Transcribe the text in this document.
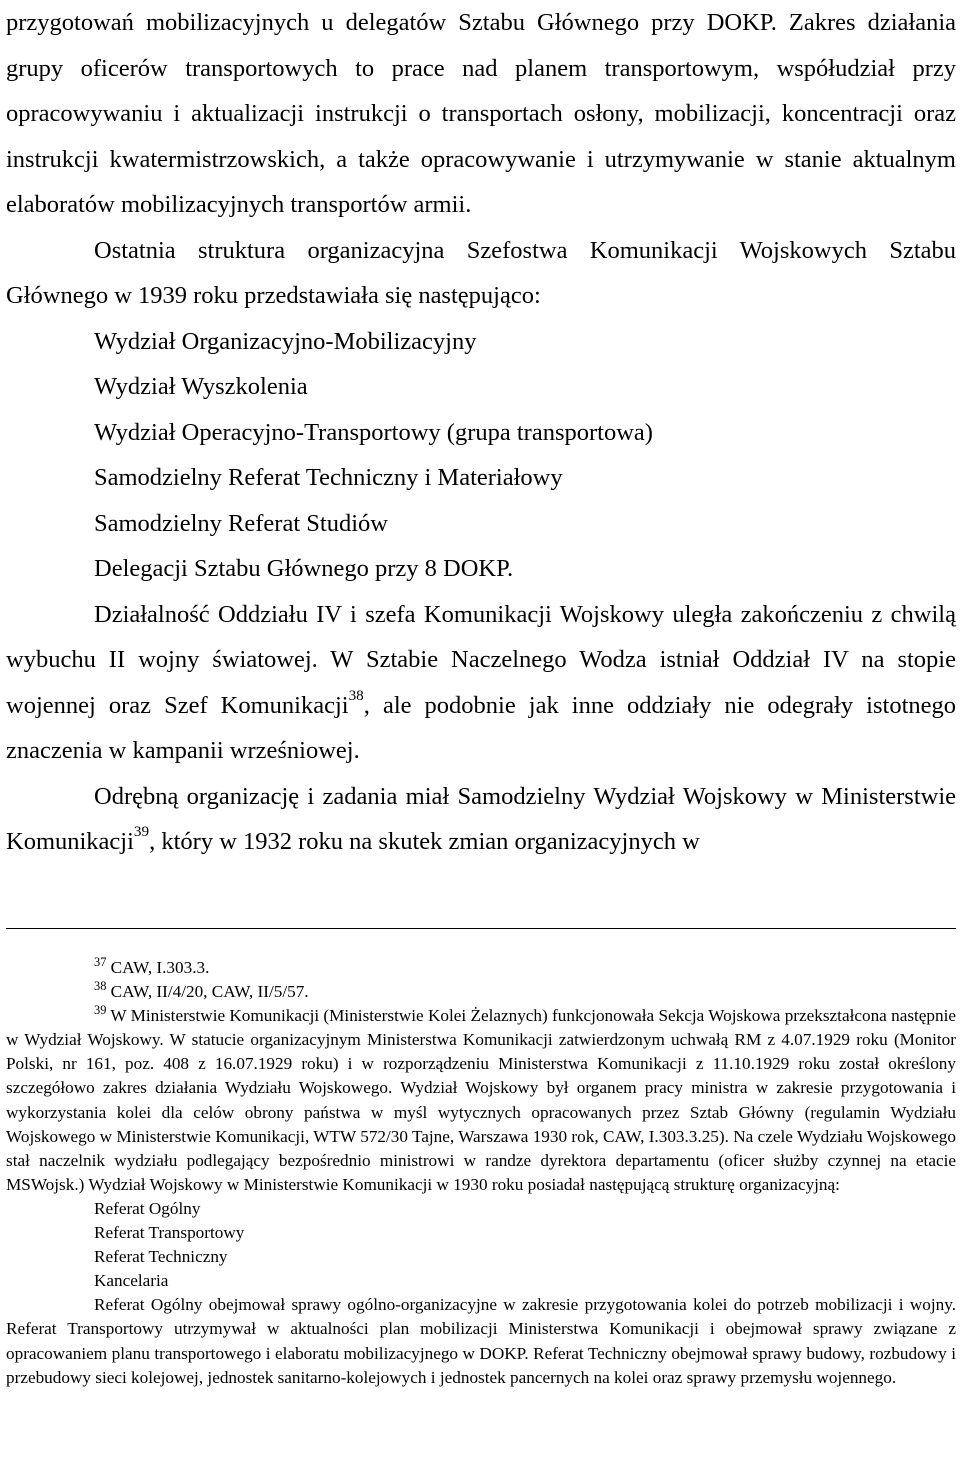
przygotowań mobilizacyjnych u delegatów Sztabu Głównego przy DOKP. Zakres działania grupy oficerów transportowych to prace nad planem transportowym, współudział przy opracowywaniu i aktualizacji instrukcji o transportach osłony, mobilizacji, koncentracji oraz instrukcji kwatermistrzowskich, a także opracowywanie i utrzymywanie w stanie aktualnym elaboratów mobilizacyjnych transportów armii.

Ostatnia struktura organizacyjna Szefostwa Komunikacji Wojskowych Sztabu Głównego w 1939 roku przedstawiała się następująco:

Wydział Organizacyjno-Mobilizacyjny

Wydział Wyszkolenia

Wydział Operacyjno-Transportowy (grupa transportowa)

Samodzielny Referat Techniczny i Materiałowy

Samodzielny Referat Studiów

Delegacji Sztabu Głównego przy 8 DOKP.

Działalność Oddziału IV i szefa Komunikacji Wojskowy uległa zakończeniu z chwilą wybuchu II wojny światowej. W Sztabie Naczelnego Wodza istniał Oddział IV na stopie wojennej oraz Szef Komunikacji$^{38}$, ale podobnie jak inne oddziały nie odegrały istotnego znaczenia w kampanii wrześniowej.

Odrębną organizację i zadania miał Samodzielny Wydział Wojskowy w Ministerstwie Komunikacji$^{39}$, który w 1932 roku na skutek zmian organizacyjnych w

$^{37}$ CAW, I.303.3.

$^{38}$ CAW, II/4/20, CAW, II/5/57.

$^{39}$ W Ministerstwie Komunikacji (Ministerstwie Kolei Żelaznych) funkcjonowała Sekcja Wojskowa przekształcona następnie w Wydział Wojskowy. W statucie organizacyjnym Ministerstwa Komunikacji zatwierdzonym uchwałą RM z 4.07.1929 roku (Monitor Polski, nr 161, poz. 408 z 16.07.1929 roku) i w rozporządzeniu Ministerstwa Komunikacji z 11.10.1929 roku został określony szczegółowo zakres działania Wydziału Wojskowego. Wydział Wojskowy był organem pracy ministra w zakresie przygotowania i wykorzystania kolei dla celów obrony państwa w myśl wytycznych opracowanych przez Sztab Główny (regulamin Wydziału Wojskowego w Ministerstwie Komunikacji, WTW 572/30 Tajne, Warszawa 1930 rok, CAW, I.303.3.25). Na czele Wydziału Wojskowego stał naczelnik wydziału podlegający bezpośrednio ministrowi w randze dyrektora departamentu (oficer służby czynnej na etacie MSWojsk.) Wydział Wojskowy w Ministerstwie Komunikacji w 1930 roku posiadał następującą strukturę organizacyjną:

Referat Ogólny

Referat Transportowy

Referat Techniczny

Kancelaria

Referat Ogólny obejmował sprawy ogólno-organizacyjne w zakresie przygotowania kolei do potrzeb mobilizacji i wojny. Referat Transportowy utrzymywał w aktualności plan mobilizacji Ministerstwa Komunikacji i obejmował sprawy związane z opracowaniem planu transportowego i elaboratu mobilizacyjnego w DOKP. Referat Techniczny obejmował sprawy budowy, rozbudowy i przebudowy sieci kolejowej, jednostek sanitarno-kolejowych i jednostek pancernych na kolei oraz sprawy przemysłu wojennego.
